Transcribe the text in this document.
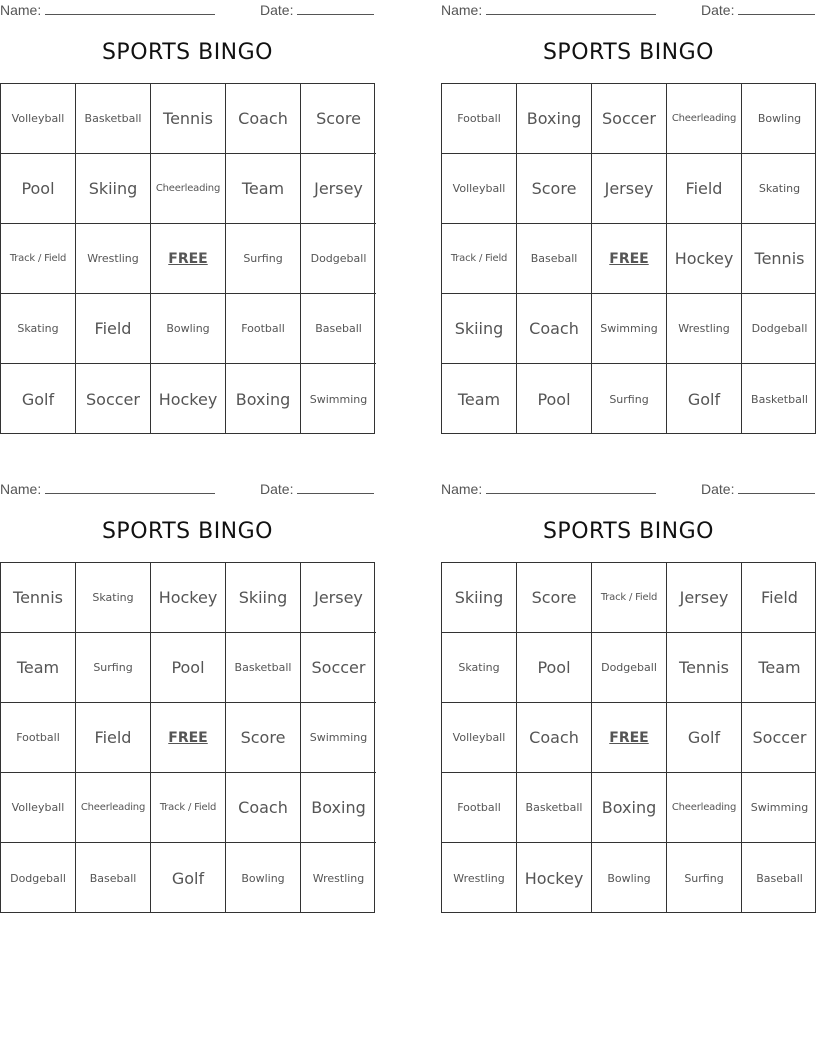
Name:	Date:
SPORTS BINGO
Volleyball	Basketball	Tennis	Coach	Score
Pool	Skiing	Cheerleading	Team	Jersey
Track / Field	Wrestling	FREE	Surfing	Dodgeball
Skating	Field	Bowling	Football	Baseball
Golf	Soccer	Hockey	Boxing	Swimming
Name:	Date:
SPORTS BINGO
Football	Boxing	Soccer	Cheerleading	Bowling
Volleyball	Score	Jersey	Field	Skating
Track / Field	Baseball	FREE	Hockey	Tennis
Skiing	Coach	Swimming	Wrestling	Dodgeball
Team	Pool	Surfing	Golf	Basketball
Name:	Date:
SPORTS BINGO
Tennis	Skating	Hockey	Skiing	Jersey
Team	Surfing	Pool	Basketball	Soccer
Football	Field	FREE	Score	Swimming
Volleyball	Cheerleading	Track / Field	Coach	Boxing
Dodgeball	Baseball	Golf	Bowling	Wrestling
Name:	Date:
SPORTS BINGO
Skiing	Score	Track / Field	Jersey	Field
Skating	Pool	Dodgeball	Tennis	Team
Volleyball	Coach	FREE	Golf	Soccer
Football	Basketball	Boxing	Cheerleading	Swimming
Wrestling	Hockey	Bowling	Surfing	Baseball
